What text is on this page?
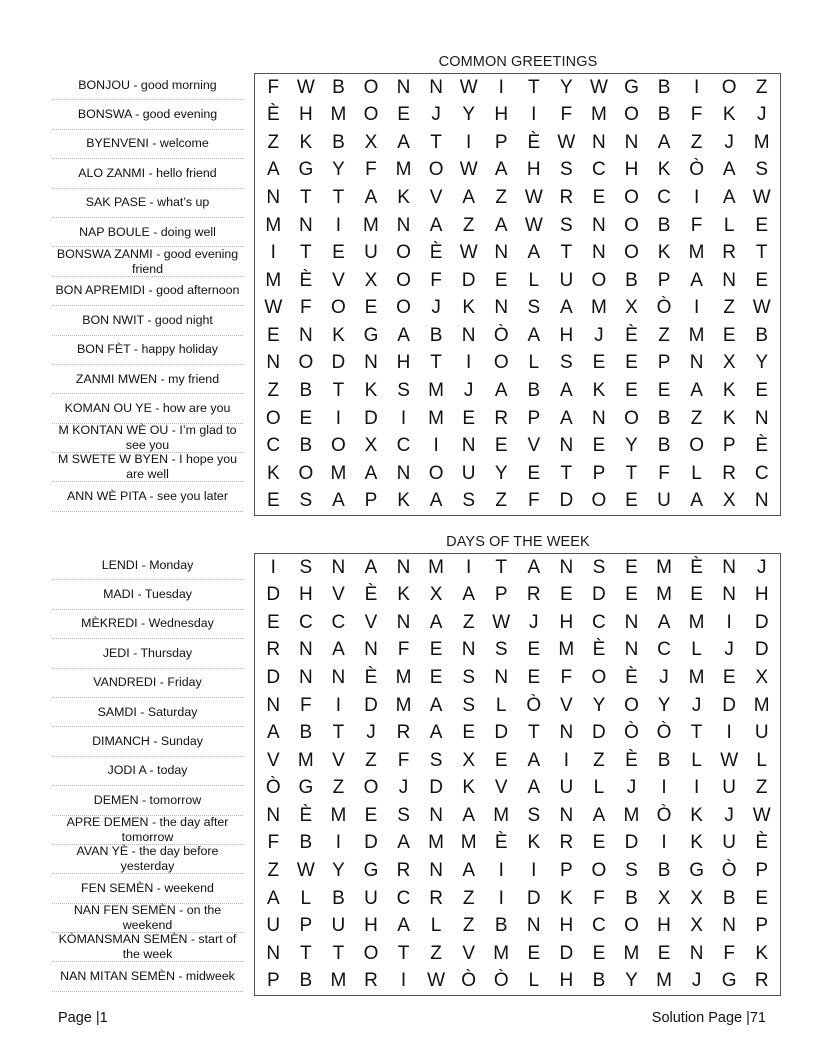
COMMON GREETINGS
BONJOU - good morning
BONSWA - good evening
BYENVENI - welcome
ALO ZANMI - hello friend
SAK PASE - what’s up
NAP BOULE - doing well
BONSWA ZANMI - good evening friend
BON APREMIDI - good afternoon
BON NWIT - good night
BON FÈT - happy holiday
ZANMI MWEN - my friend
KOMAN OU YE - how are you
M KONTAN WÈ OU - I’m glad to see you
M SWETE W BYEN - I hope you are well
ANN WÈ PITA - see you later
F W B O N N W	I	T	Y W G B	I	O	Z
È	H M O E	J	Y	H	I	F M O B	F	K	J
Z	K	B	X	A	T	I	P	È W N N	A	Z	J	M
A G Y	F M O W A	H	S	C H	K Ò A	S
N	T	T	A	K	V	A	Z W R	E O C	I	A W
M N	I	M N	A	Z	A W S	N O B	F	L	E
I	T	E	U O È W N	A	T	N O K M R	T
M È	V	X O	F	D	E	L	U O B	P	A	N	E
W F	O E O	J	K	N	S	A M X Ò	I	Z W
E	N	K G A	B	N Ò A	H	J	È	Z M E	B
N O D N H	T	I	O	L	S	E	E	P	N	X	Y
Z	B	T	K	S M	J	A	B	A	K	E	E	A	K	E
O E	I	D	I	M E	R	P	A	N O B	Z	K	N
C	B O X	C	I	N	E	V	N	E	Y	B O P	È
K O M A	N O U	Y	E	T	P	T	F	L	R C
E	S	A	P	K	A	S	Z	F	D O E	U	A	X	N
DAYS OF THE WEEK
LENDI - Monday
MADI - Tuesday
MÈKREDI - Wednesday
JEDI - Thursday
VANDREDI - Friday
SAMDI - Saturday
DIMANCH - Sunday
JODI A - today
DEMEN - tomorrow
APRE DEMEN - the day after tomorrow
AVAN YÈ - the day before yesterday
FEN SEMÈN - weekend
NAN FEN SEMÈN - on the weekend
KÒMANSMAN SEMÈN - start of the week
NAN MITAN SEMÈN - midweek
I	S	N	A	N M	I	T	A	N	S	E M È	N	J
D H	V	È	K	X	A	P	R	E	D	E M E	N H
E	C C	V	N	A	Z W J	H C N	A M	I	D
R N	A	N	F	E	N	S	E M È	N C	L	J	D
D N N	È M E	S	N	E	F	O È	J	M E	X
N	F	I	D M A	S	L	Ò V	Y O Y	J	D M
A	B	T	J	R	A	E	D	T	N D Ò Ò	T	I	U
V M V	Z	F	S	X	E	A	I	Z	È	B	L W L
Ò G	Z	O	J	D	K	V	A	U	L	J	I	I	U	Z
N	È M E	S	N	A M S	N	A M Ò K	J W
F	B	I	D	A M M È	K	R	E	D	I	K	U	È
Z W Y G R N	A	I	I	P O S	B G Ò P
A	L	B	U C R	Z	I	D	K	F	B	X	X	B	E
U	P	U H	A	L	Z	B	N H C O H	X	N	P
N	T	T	O	T	Z	V M E	D	E M E	N	F	K
P	B M R	I	W Ò Ò	L	H	B	Y M	J	G R
Page |1	Solution Page |71
